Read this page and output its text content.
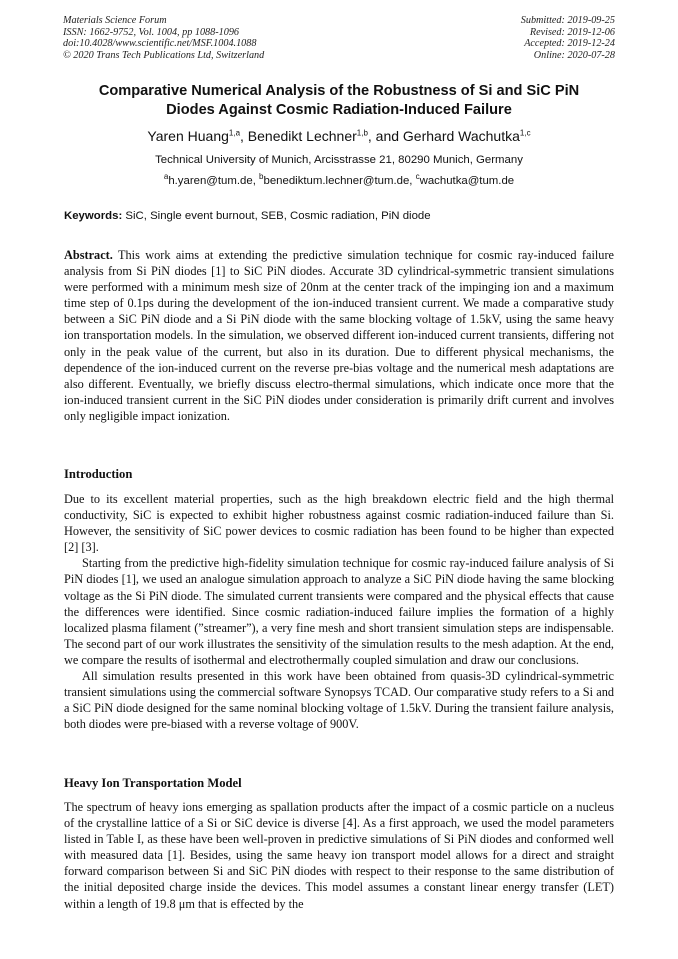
Materials Science Forum
ISSN: 1662-9752, Vol. 1004, pp 1088-1096
doi:10.4028/www.scientific.net/MSF.1004.1088
© 2020 Trans Tech Publications Ltd, Switzerland
Submitted: 2019-09-25
Revised: 2019-12-06
Accepted: 2019-12-24
Online: 2020-07-28
Comparative Numerical Analysis of the Robustness of Si and SiC PiN
Diodes Against Cosmic Radiation-Induced Failure
Yaren Huang$^{1,a}$, Benedikt Lechner$^{1,b}$, and Gerhard Wachutka$^{1,c}$
Technical University of Munich, Arcisstrasse 21, 80290 Munich, Germany
$^a$h.yaren@tum.de, $^b$benediktum.lechner@tum.de, $^c$wachutka@tum.de
Keywords: SiC, Single event burnout, SEB, Cosmic radiation, PiN diode

Abstract. This work aims at extending the predictive simulation technique for cosmic ray-induced failure analysis from Si PiN diodes [1] to SiC PiN diodes. Accurate 3D cylindrical-symmetric transient simulations were performed with a minimum mesh size of 20nm at the center track of the impinging ion and a maximum time step of 0.1ps during the development of the ion-induced transient current. We made a comparative study between a SiC PiN diode and a Si PiN diode with the same blocking voltage of 1.5kV, using the same heavy ion transportation models. In the simulation, we observed different ion-induced current transients, differing not only in the peak value of the current, but also in its duration. Due to different physical mechanisms, the dependence of the ion-induced current on the reverse pre-bias voltage and the numerical mesh adaptations are also different. Eventually, we briefly discuss electro-thermal simulations, which indicate once more that the ion-induced transient current in the SiC PiN diodes under consideration is primarily drift current and involves only negligible impact ionization.

Introduction

Due to its excellent material properties, such as the high breakdown electric field and the high thermal conductivity, SiC is expected to exhibit higher robustness against cosmic radiation-induced failure than Si. However, the sensitivity of SiC power devices to cosmic radiation has been found to be higher than expected [2] [3].

Starting from the predictive high-fidelity simulation technique for cosmic ray-induced failure analysis of Si PiN diodes [1], we used an analogue simulation approach to analyze a SiC PiN diode having the same blocking voltage as the Si PiN diode. The simulated current transients were compared and the physical effects that cause the differences were identified. Since cosmic radiation-induced failure implies the formation of a highly localized plasma filament (”streamer”), a very fine mesh and short transient simulation steps are indispensable. The second part of our work illustrates the sensitivity of the simulation results to the mesh adaption. At the end, we compare the results of isothermal and electrothermally coupled simulation and draw our conclusions.

All simulation results presented in this work have been obtained from quasis-3D cylindrical-symmetric transient simulations using the commercial software Synopsys TCAD. Our comparative study refers to a Si and a SiC PiN diode designed for the same nominal blocking voltage of 1.5kV. During the transient failure analysis, both diodes were pre-biased with a reverse voltage of 900V.

Heavy Ion Transportation Model

The spectrum of heavy ions emerging as spallation products after the impact of a cosmic particle on a nucleus of the crystalline lattice of a Si or SiC device is diverse [4]. As a first approach, we used the model parameters listed in Table I, as these have been well-proven in predictive simulations of Si PiN diodes and conformed well with measured data [1]. Besides, using the same heavy ion transport model allows for a direct and straight forward comparison between Si and SiC PiN diodes with respect to their response to the same distribution of the initial deposited charge inside the devices. This model assumes a constant linear energy transfer (LET) within a length of 19.8 μm that is effected by the
